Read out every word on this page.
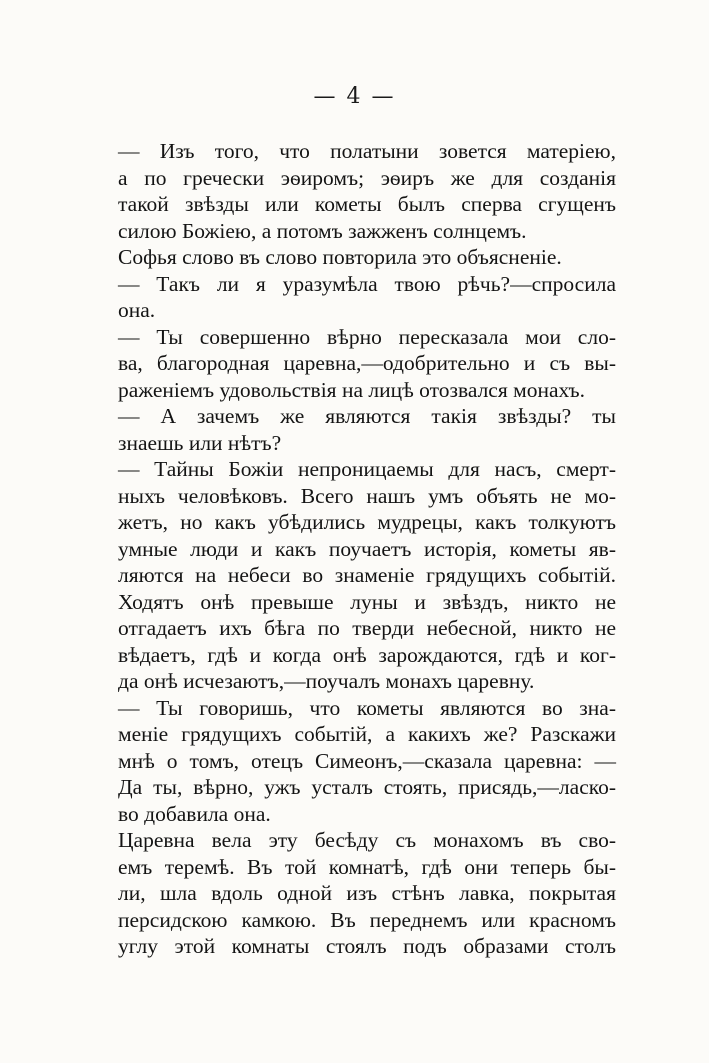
— 4 —
— Изъ того, что полатыни зовется матеріею,
а по гречески эѳиромъ; эѳиръ же для созданія
такой звѣзды или кометы былъ сперва сгущенъ
силою Божіею, а потомъ зажженъ солнцемъ.
Софья слово въ слово повторила это объясненіе.
— Такъ ли я уразумѣла твою рѣчь?—спросила
она.
— Ты совершенно вѣрно пересказала мои сло-
ва, благородная царевна,—одобрительно и съ вы-
раженіемъ удовольствія на лицѣ отозвался монахъ.
— А зачемъ же являются такія звѣзды? ты
знаешь или нѣтъ?
— Тайны Божіи непроницаемы для насъ, смерт-
ныхъ человѣковъ. Всего нашъ умъ объять не мо-
жетъ, но какъ убѣдились мудрецы, какъ толкуютъ
умные люди и какъ поучаетъ исторія, кометы яв-
ляются на небеси во знаменіе грядущихъ событій.
Ходятъ онѣ превыше луны и звѣздъ, никто не
отгадаетъ ихъ бѣга по тверди небесной, никто не
вѣдаетъ, гдѣ и когда онѣ зарождаются, гдѣ и ког-
да онѣ исчезаютъ,—поучалъ монахъ царевну.
— Ты говоришь, что кометы являются во зна-
меніе грядущихъ событій, а какихъ же? Разскажи
мнѣ о томъ, отецъ Симеонъ,—сказала царевна: —
Да ты, вѣрно, ужъ усталъ стоять, присядь,—ласко-
во добавила она.
Царевна вела эту бесѣду съ монахомъ въ сво-
емъ теремѣ. Въ той комнатѣ, гдѣ они теперь бы-
ли, шла вдоль одной изъ стѣнъ лавка, покрытая
персидскою камкою. Въ переднемъ или красномъ
углу этой комнаты стоялъ подъ образами столъ
